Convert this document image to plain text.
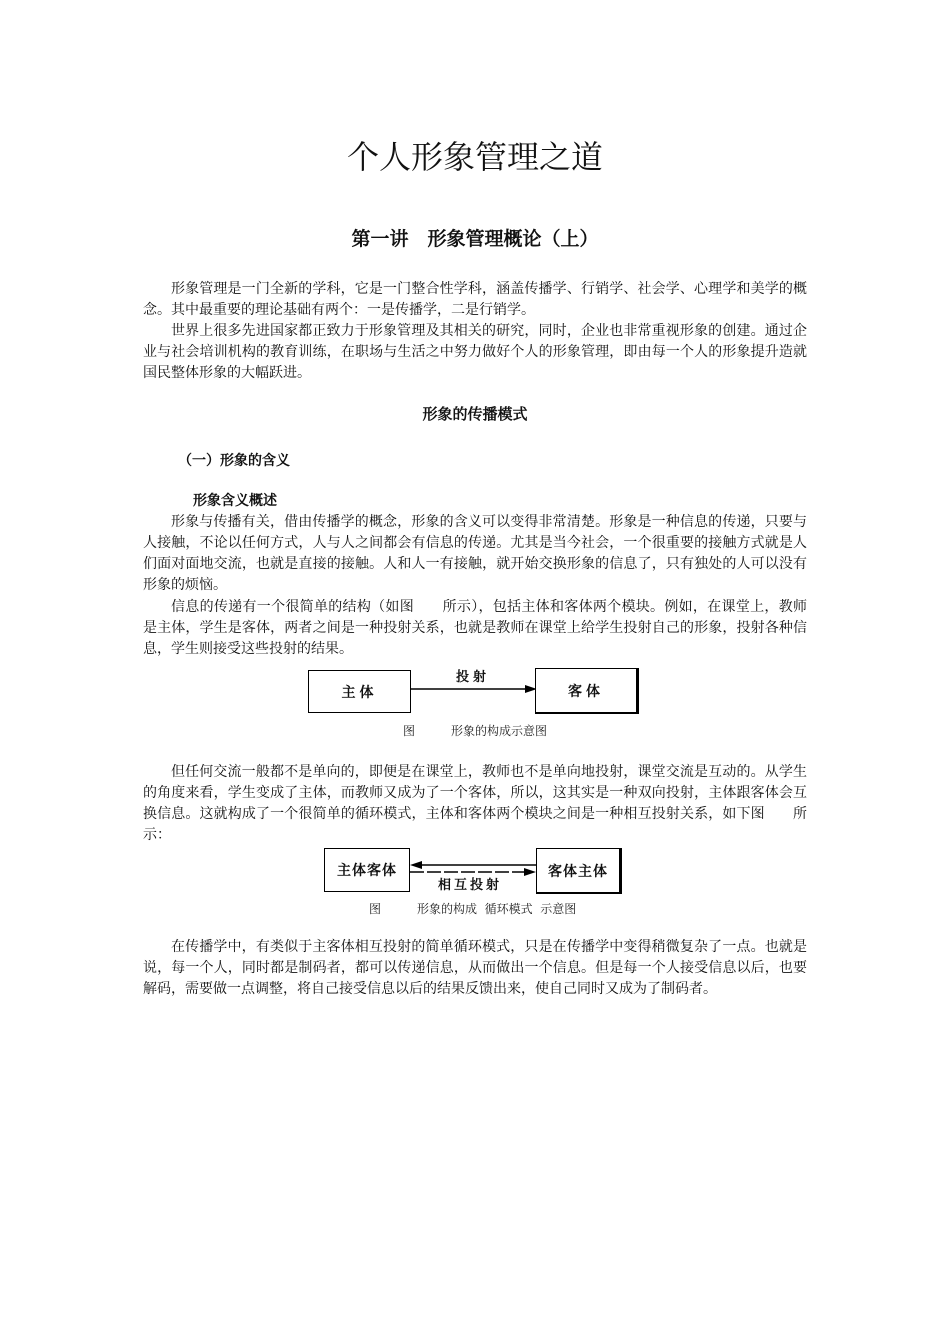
个人形象管理之道
第一讲　形象管理概论（上）

形象管理是一门全新的学科，它是一门整合性学科，涵盖传播学、行销学、社会学、心理学和美学的概念。其中最重要的理论基础有两个：一是传播学，二是行销学。

世界上很多先进国家都正致力于形象管理及其相关的研究，同时，企业也非常重视形象的创建。通过企业与社会培训机构的教育训练，在职场与生活之中努力做好个人的形象管理，即由每一个人的形象提升造就国民整体形象的大幅跃进。

形象的传播模式
（一）形象的含义
形象含义概述

形象与传播有关，借由传播学的概念，形象的含义可以变得非常清楚。形象是一种信息的传递，只要与人接触，不论以任何方式，人与人之间都会有信息的传递。尤其是当今社会，一个很重要的接触方式就是人们面对面地交流，也就是直接的接触。人和人一有接触，就开始交换形象的信息了，只有独处的人可以没有形象的烦恼。

信息的传递有一个很简单的结构（如图　　所示），包括主体和客体两个模块。例如，在课堂上，教师是主体，学生是客体，两者之间是一种投射关系，也就是教师在课堂上给学生投射自己的形象，投射各种信息，学生则接受这些投射的结果。

主体
投射
客体
图　　　形象的构成示意图

但任何交流一般都不是单向的，即便是在课堂上，教师也不是单向地投射，课堂交流是互动的。从学生的角度来看，学生变成了主体，而教师又成为了一个客体，所以，这其实是一种双向投射，主体跟客体会互换信息。这就构成了一个很简单的循环模式，主体和客体两个模块之间是一种相互投射关系，如下图　　所示：

主体客体
相互投射
客体主体
图　　　形象的构成  循环模式  示意图

在传播学中，有类似于主客体相互投射的简单循环模式，只是在传播学中变得稍微复杂了一点。也就是说，每一个人，同时都是制码者，都可以传递信息，从而做出一个信息。但是每一个人接受信息以后，也要解码，需要做一点调整，将自己接受信息以后的结果反馈出来，使自己同时又成为了制码者。
